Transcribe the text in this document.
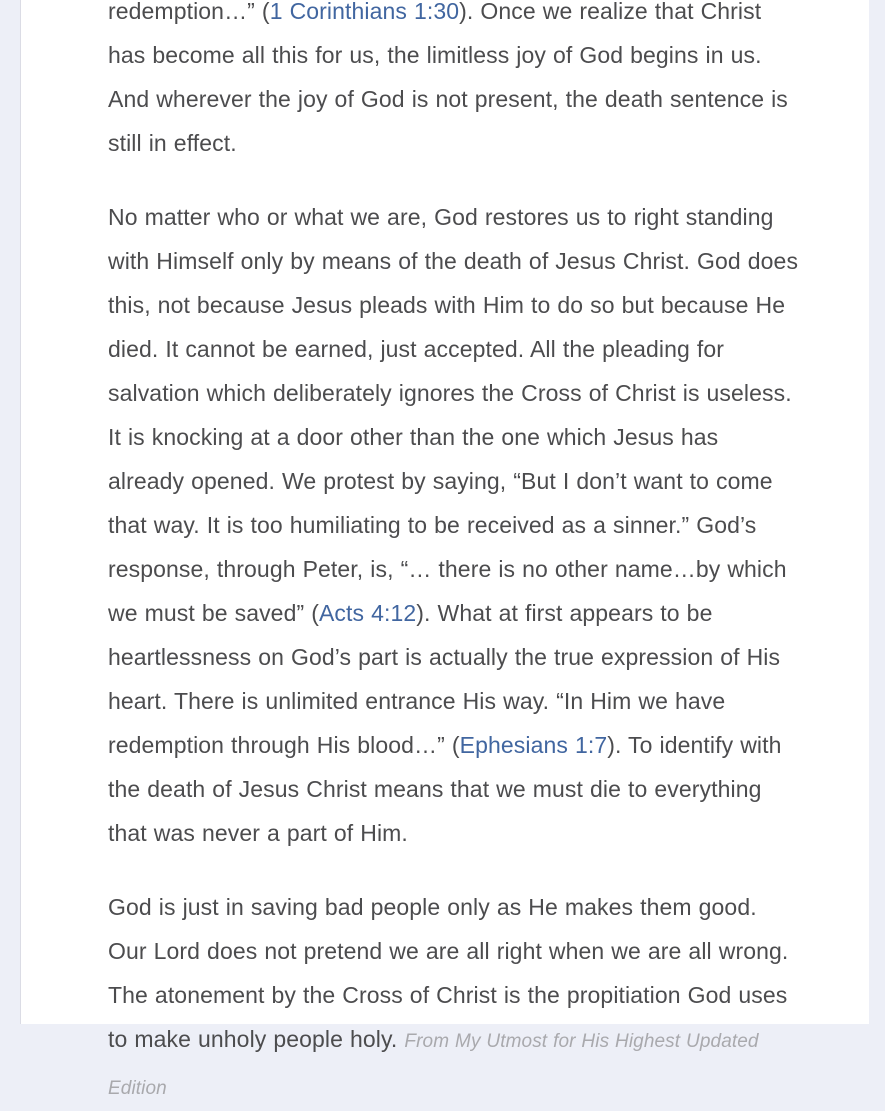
redemption…” (1 Corinthians 1:30). Once we realize that Christ has become all this for us, the limitless joy of God begins in us. And wherever the joy of God is not present, the death sentence is still in effect.

No matter who or what we are, God restores us to right standing with Himself only by means of the death of Jesus Christ. God does this, not because Jesus pleads with Him to do so but because He died. It cannot be earned, just accepted. All the pleading for salvation which deliberately ignores the Cross of Christ is useless. It is knocking at a door other than the one which Jesus has already opened. We protest by saying, “But I don’t want to come that way. It is too humiliating to be received as a sinner.” God’s response, through Peter, is, “… there is no other name…by which we must be saved” (Acts 4:12). What at first appears to be heartlessness on God’s part is actually the true expression of His heart. There is unlimited entrance His way. “In Him we have redemption through His blood…” (Ephesians 1:7). To identify with the death of Jesus Christ means that we must die to everything that was never a part of Him.

God is just in saving bad people only as He makes them good. Our Lord does not pretend we are all right when we are all wrong. The atonement by the Cross of Christ is the propitiation God uses to make unholy people holy. From My Utmost for His Highest Updated Edition
